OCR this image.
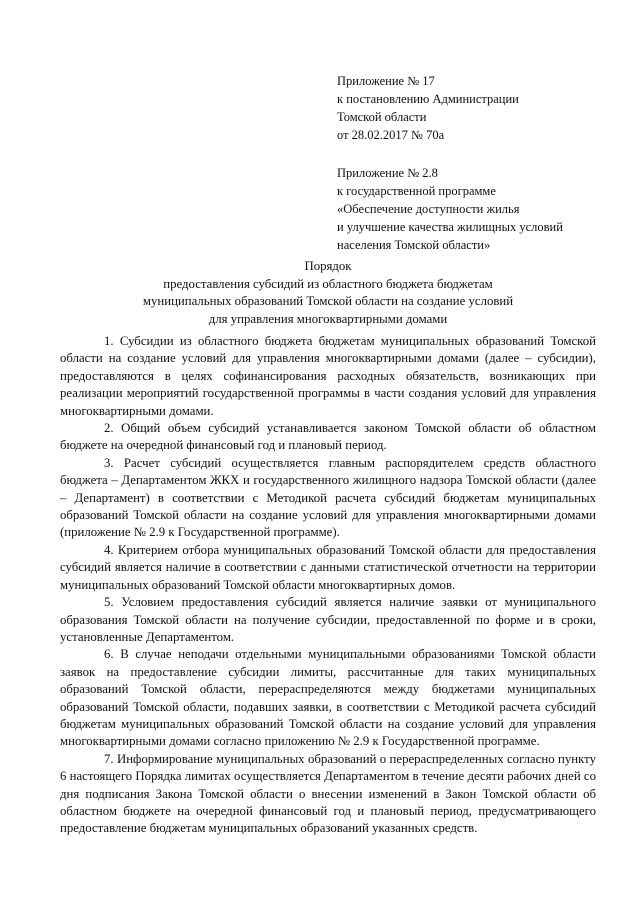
Приложение № 17
к постановлению Администрации
Томской области
от 28.02.2017 № 70а
Приложение № 2.8
к государственной программе
«Обеспечение доступности жилья
и улучшение качества жилищных условий
населения Томской области»
Порядок
предоставления субсидий из областного бюджета бюджетам
муниципальных образований Томской области на создание условий
для управления многоквартирными домами

1. Субсидии из областного бюджета бюджетам муниципальных образований Томской области на создание условий для управления многоквартирными домами (далее – субсидии), предоставляются в целях софинансирования расходных обязательств, возникающих при реализации мероприятий государственной программы в части создания условий для управления многоквартирными домами.

2. Общий объем субсидий устанавливается законом Томской области об областном бюджете на очередной финансовый год и плановый период.

3. Расчет субсидий осуществляется главным распорядителем средств областного бюджета – Департаментом ЖКХ и государственного жилищного надзора Томской области (далее – Департамент) в соответствии с Методикой расчета субсидий бюджетам муниципальных образований Томской области на создание условий для управления многоквартирными домами (приложение № 2.9 к Государственной программе).

4. Критерием отбора муниципальных образований Томской области для предоставления субсидий является наличие в соответствии с данными статистической отчетности на территории муниципальных образований Томской области многоквартирных домов.

5. Условием предоставления субсидий является наличие заявки от муниципального образования Томской области на получение субсидии, предоставленной по форме и в сроки, установленные Департаментом.

6. В случае неподачи отдельными муниципальными образованиями Томской области заявок на предоставление субсидии лимиты, рассчитанные для таких муниципальных образований Томской области, перераспределяются между бюджетами муниципальных образований Томской области, подавших заявки, в соответствии с Методикой расчета субсидий бюджетам муниципальных образований Томской области на создание условий для управления многоквартирными домами согласно приложению № 2.9 к Государственной программе.

7. Информирование муниципальных образований о перераспределенных согласно пункту 6 настоящего Порядка лимитах осуществляется Департаментом в течение десяти рабочих дней со дня подписания Закона Томской области о внесении изменений в Закон Томской области об областном бюджете на очередной финансовый год и плановый период, предусматривающего предоставление бюджетам муниципальных образований указанных средств.
